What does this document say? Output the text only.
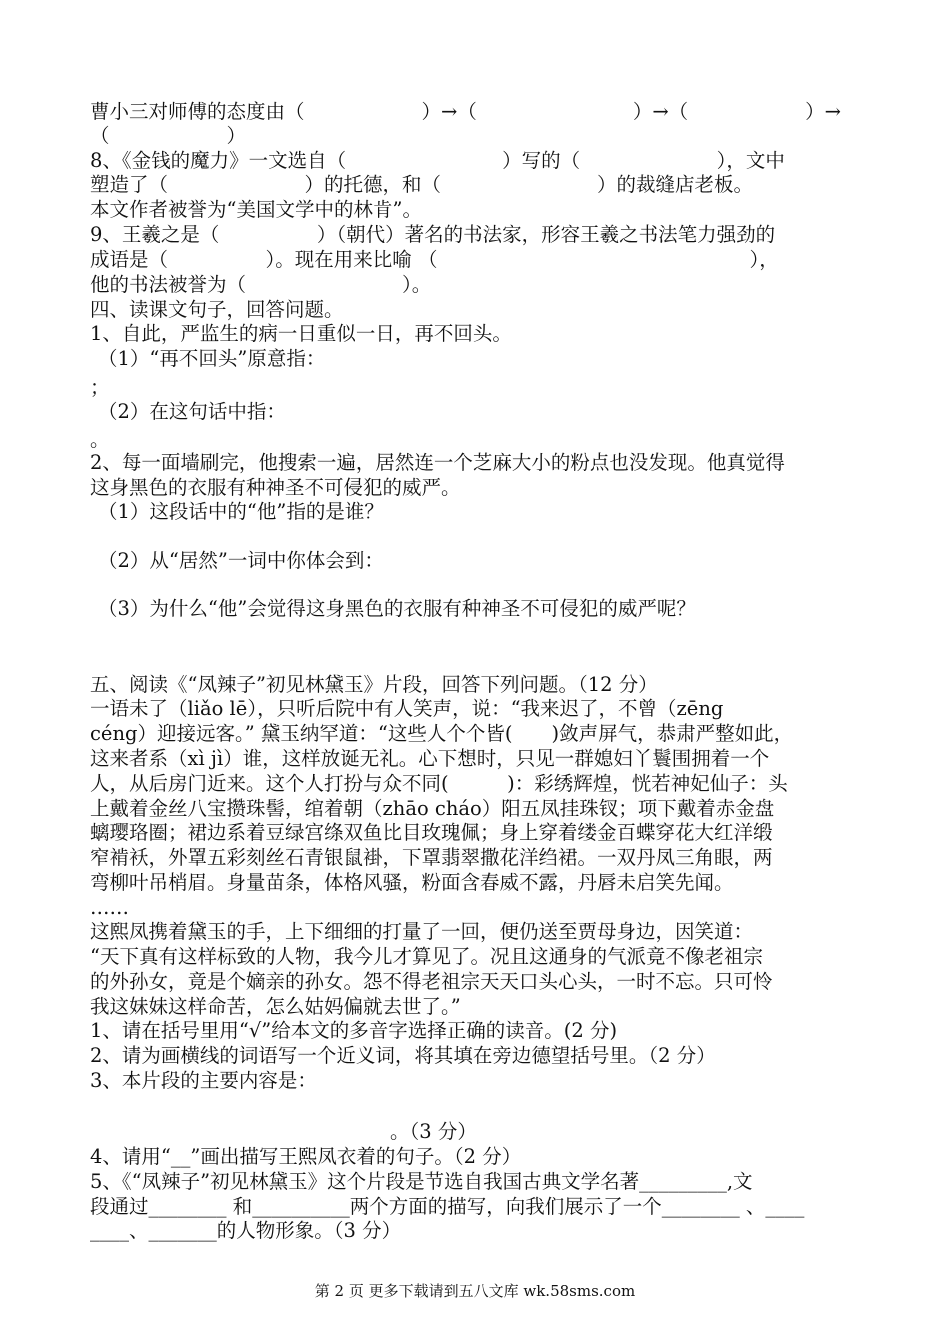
曹小三对师傅的态度由（　　　　　　）→（　　　　　　　　）→（　　　　　　）→
（　　　　　　）
8、《金钱的魔力》一文选自（　　　　　　　　）写的（　　　　　　　），文中
塑造了（　　　　　　　）的托德，和（　　　　　　　　）的裁缝店老板。
本文作者被誉为“美国文学中的林肯”。
9、王羲之是（　　　　　）（朝代）著名的书法家，形容王羲之书法笔力强劲的
成语是（　　　　　）。现在用来比喻 （　　　　　　　　　　　　　　　　），
他的书法被誉为（　　　　　　　　）。
四、读课文句子，回答问题。
1、自此，严监生的病一日重似一日，再不回头。
（1）“再不回头”原意指：
；
（2）在这句话中指：
。
2、每一面墙刷完，他搜索一遍，居然连一个芝麻大小的粉点也没发现。他真觉得
这身黑色的衣服有种神圣不可侵犯的威严。
（1）这段话中的“他”指的是谁？
（2）从“居然”一词中你体会到：
（3）为什么“他”会觉得这身黑色的衣服有种神圣不可侵犯的威严呢？
五、阅读《“凤辣子”初见林黛玉》片段，回答下列问题。（12 分）
一语未了（liǎo lē），只听后院中有人笑声，说：“我来迟了，不曾（zēng
céng）迎接远客。” 黛玉纳罕道：“这些人个个皆(　　)敛声屏气，恭肃严整如此，
这来者系（xì jì）谁，这样放诞无礼。心下想时，只见一群媳妇丫鬟围拥着一个
人，从后房门近来。这个人打扮与众不同(　　　)：彩绣辉煌，恍若神妃仙子：头
上戴着金丝八宝攒珠髻，绾着朝（zhāo cháo）阳五凤挂珠钗；项下戴着赤金盘
螭璎珞圈；裙边系着豆绿宫绦双鱼比目玫瑰佩；身上穿着缕金百蝶穿花大红洋缎
窄褃袄，外罩五彩刻丝石青银鼠褂，下罩翡翠撒花洋绉裙。一双丹凤三角眼，两
弯柳叶吊梢眉。身量苗条，体格风骚，粉面含春威不露，丹唇未启笑先闻。
……
这熙凤携着黛玉的手，上下细细的打量了一回，便仍送至贾母身边，因笑道：
“天下真有这样标致的人物，我今儿才算见了。况且这通身的气派竟不像老祖宗
的外孙女，竟是个嫡亲的孙女。怨不得老祖宗天天口头心头，一时不忘。只可怜
我这妹妹这样命苦，怎么姑妈偏就去世了。”
1、请在括号里用“√”给本文的多音字选择正确的读音。(2 分)
2、请为画横线的词语写一个近义词，将其填在旁边德望括号里。（2 分）
3、本片段的主要内容是：
。（3 分）
4、请用“__”画出描写王熙凤衣着的句子。（2 分）
5、《“凤辣子”初见林黛玉》这个片段是节选自我国古典文学名著_________,文
段通过________ 和__________两个方面的描写，向我们展示了一个________ 、____
____、_______的人物形象。（3 分）
第 2 页 更多下载请到五八文库 wk.58sms.com
